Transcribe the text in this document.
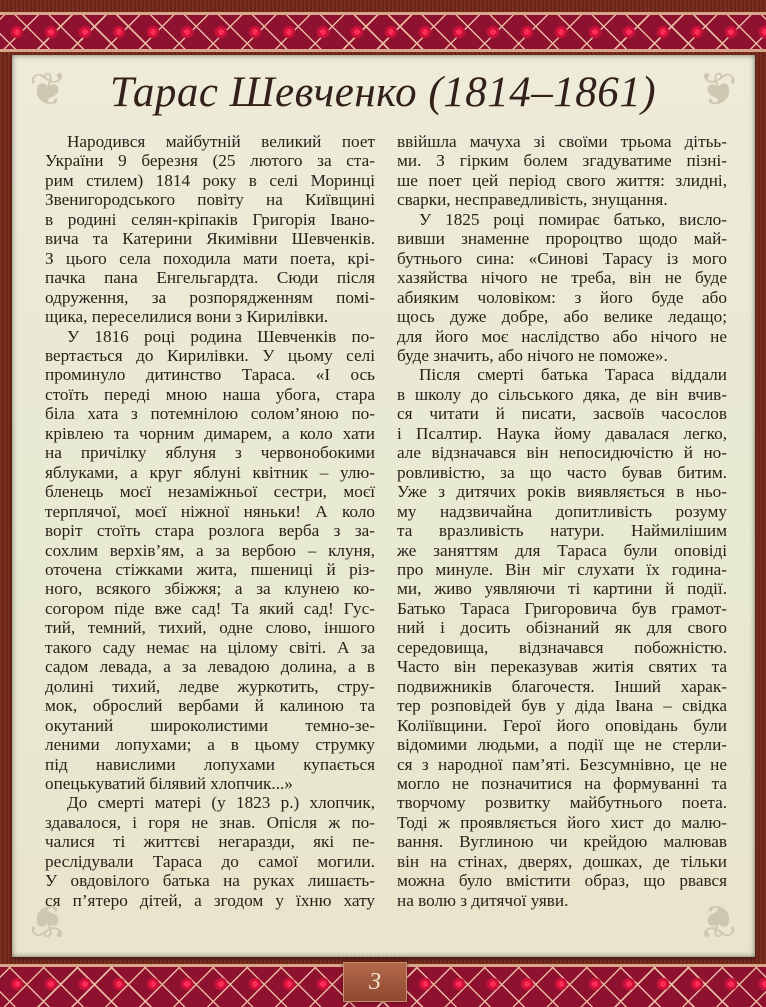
❦	❦
❦	❦
Тарас Шевченко (1814–1861)
Народився майбутній великий поет
України 9 березня (25 лютого за ста-
рим стилем) 1814 року в селі Моринці
Звенигородського повіту на Київщині
в родині селян-кріпаків Григорія Івано-
вича та Катерини Якимівни Шевченків.
З цього села походила мати поета, крі-
пачка пана Енгельгардта. Сюди після
одруження, за розпорядженням помі-
щика, переселилися вони з Кирилівки.
У 1816 році родина Шевченків по-
вертається до Кирилівки. У цьому селі
проминуло дитинство Тараса. «І ось
стоїть переді мною наша убога, стара
біла хата з потемнілою солом’яною по-
крівлею та чорним димарем, а коло хати
на причілку яблуня з червонобокими
яблуками, а круг яблуні квітник – улю-
бленець моєї незаміжньої сестри, моєї
терплячої, моєї ніжної няньки! А коло
воріт стоїть стара розлога верба з за-
сохлим верхів’ям, а за вербою – клуня,
оточена стіжками жита, пшениці й різ-
ного, всякого збіжжя; а за клунею ко-
согором піде вже сад! Та який сад! Гус-
тий, темний, тихий, одне слово, іншого
такого саду немає на цілому світі. А за
садом левада, а за левадою долина, а в
долині тихий, ледве журкотить, стру-
мок, оброслий вербами й калиною та
окутаний широколистими темно-зе-
леними лопухами; а в цьому струмку
під навислими лопухами купається
опецькуватий білявий хлопчик...»
До смерті матері (у 1823 р.) хлопчик,
здавалося, і горя не знав. Опісля ж по-
чалися ті життєві негаразди, які пе-
реслідували Тараса до самої могили.
У овдовілого батька на руках лишаєть-
ся п’ятеро дітей, а згодом у їхню хату
ввійшла мачуха зі своїми трьома дітьь-
ми. З гірким болем згадуватиме пізні-
ше поет цей період свого життя: злидні,
сварки, несправедливість, знущання.
У 1825 році помирає батько, висло-
вивши знаменне пророцтво щодо май-
бутнього сина: «Синові Тарасу із мого
хазяйства нічого не треба, він не буде
абияким чоловіком: з його буде або
щось дуже добре, або велике ледащо;
для його моє наслідство або нічого не
буде значить, або нічого не поможе».
Після смерті батька Тараса віддали
в школу до сільського дяка, де він вчив-
ся читати й писати, засвоїв часослов
і Псалтир. Наука йому давалася легко,
але відзначався він непосидючістю й но-
ровливістю, за що часто бував битим.
Уже з дитячих років виявляється в ньо-
му надзвичайна допитливість розуму
та вразливість натури. Наймилішим
же заняттям для Тараса були оповіді
про минуле. Він міг слухати їх година-
ми, живо уявляючи ті картини й події.
Батько Тараса Григоровича був грамот-
ний і досить обізнаний як для свого
середовища, відзначався побожністю.
Часто він переказував житія святих та
подвижників благочестя. Інший харак-
тер розповідей був у діда Івана – свідка
Коліївщини. Герої його оповідань були
відомими людьми, а події ще не стерли-
ся з народної пам’яті. Безсумнівно, це не
могло не позначитися на формуванні та
творчому розвитку майбутнього поета.
Тоді ж проявляється його хист до малю-
вання. Вуглиною чи крейдою малював
він на стінах, дверях, дошках, де тільки
можна було вмістити образ, що рвався
на волю з дитячої уяви.
3
